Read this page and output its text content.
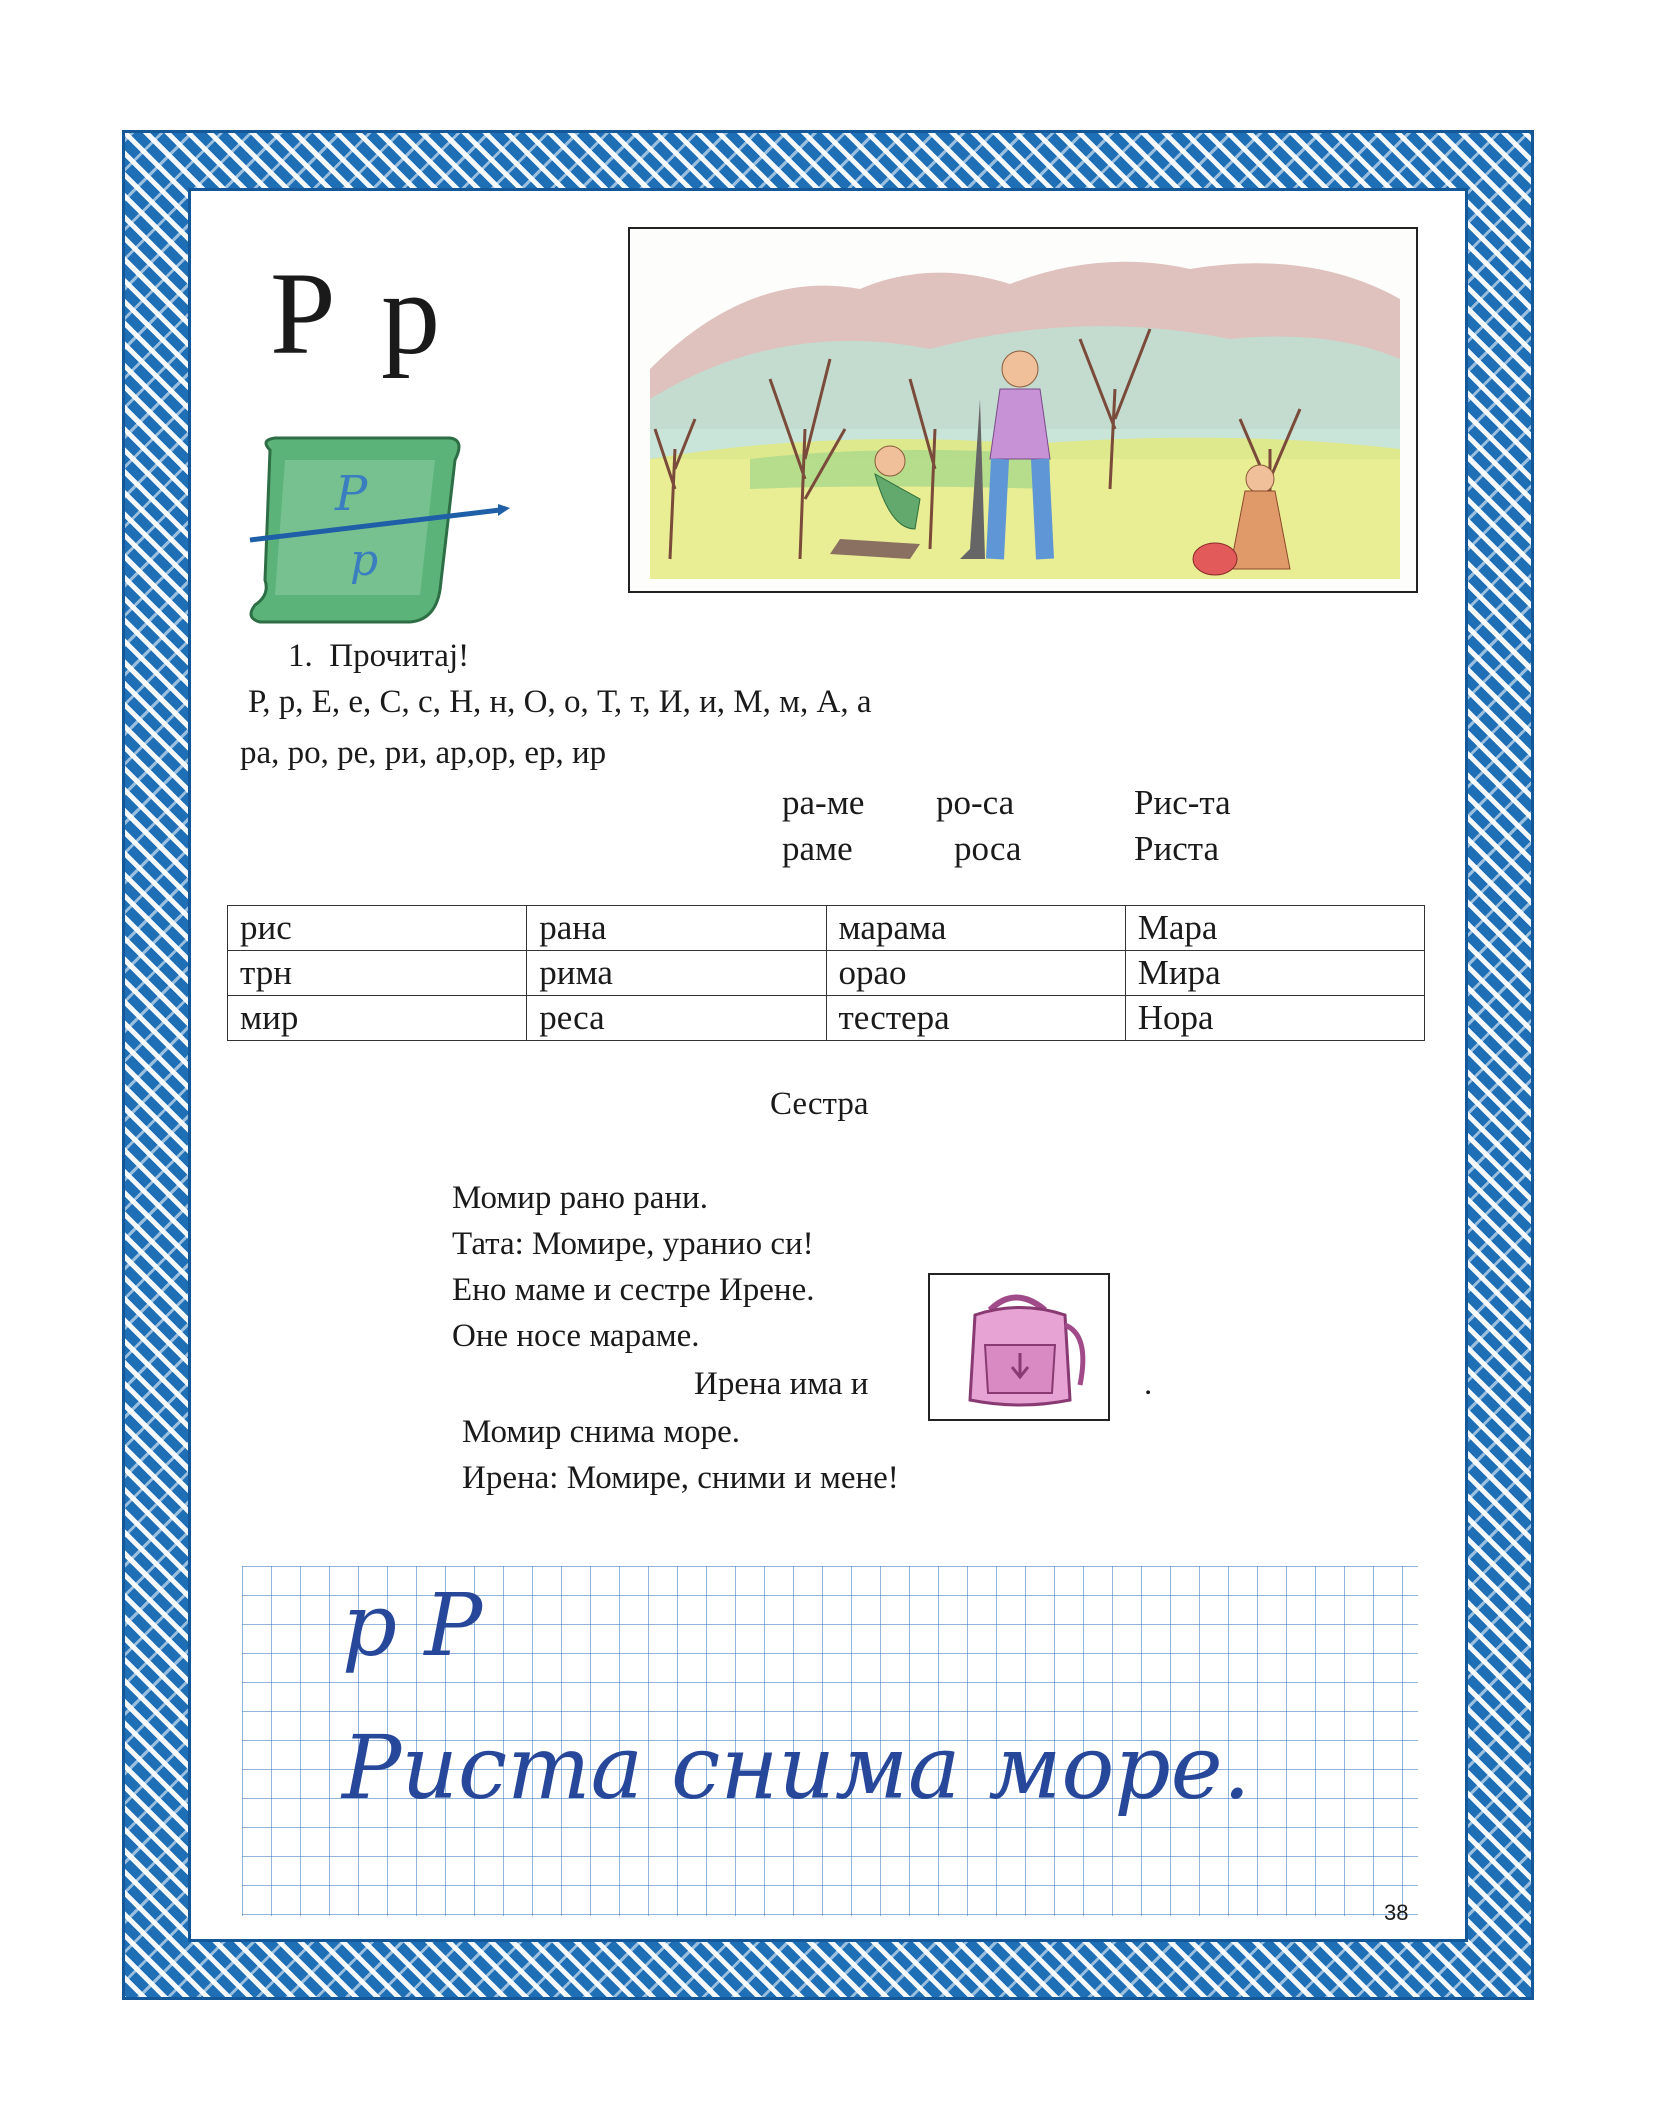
Р р
Р
р
1.  Прочитај!
Р, р, Е, е, С, с, Н, н, О, о, Т, т, И, и, М, м, А, а
ра, ро, ре, ри, ар,ор, ер, ир
ра-ме
раме
ро-са
роса
Рис-та
Риста
рис	рана	марама	Мара
трн	рима	орао	Мира
мир	реса	тестера	Нора
Сестра
Момир рано рани.
Тата: Момире, уранио си!
Ено маме и сестре Ирене.
Оне носе мараме.
Ирена има и	.
Момир снима море.
Ирена: Момире, сними и мене!
р Р
Риста снима море.
38
